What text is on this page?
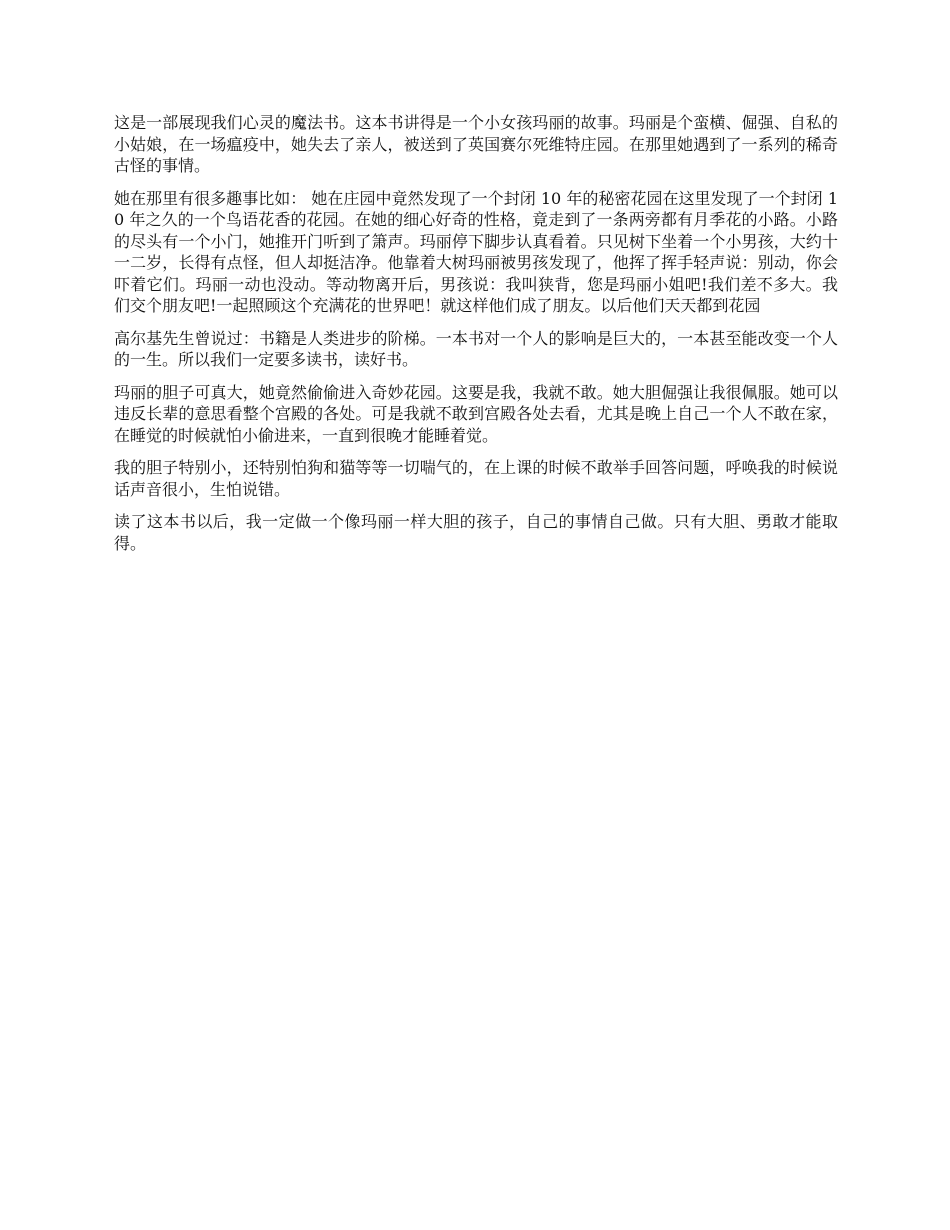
这是一部展现我们心灵的魔法书。这本书讲得是一个小女孩玛丽的故事。玛丽是个蛮横、倔强、自私的小姑娘，在一场瘟疫中，她失去了亲人，被送到了英国赛尔死维特庄园。在那里她遇到了一系列的稀奇古怪的事情。

她在那里有很多趣事比如： 她在庄园中竟然发现了一个封闭 10 年的秘密花园在这里发现了一个封闭 10 年之久的一个鸟语花香的花园。在她的细心好奇的性格，竟走到了一条两旁都有月季花的小路。小路的尽头有一个小门，她推开门听到了箫声。玛丽停下脚步认真看着。只见树下坐着一个小男孩，大约十一二岁，长得有点怪，但人却挺洁净。他靠着大树玛丽被男孩发现了，他挥了挥手轻声说：别动，你会吓着它们。玛丽一动也没动。等动物离开后，男孩说：我叫狭背，您是玛丽小姐吧!我们差不多大。我们交个朋友吧!一起照顾这个充满花的世界吧！就这样他们成了朋友。以后他们天天都到花园

高尔基先生曾说过：书籍是人类进步的阶梯。一本书对一个人的影响是巨大的，一本甚至能改变一个人的一生。所以我们一定要多读书，读好书。

玛丽的胆子可真大，她竟然偷偷进入奇妙花园。这要是我，我就不敢。她大胆倔强让我很佩服。她可以违反长辈的意思看整个宫殿的各处。可是我就不敢到宫殿各处去看，尤其是晚上自己一个人不敢在家，在睡觉的时候就怕小偷进来，一直到很晚才能睡着觉。

我的胆子特别小，还特别怕狗和猫等等一切喘气的，在上课的时候不敢举手回答问题，呼唤我的时候说话声音很小，生怕说错。

读了这本书以后，我一定做一个像玛丽一样大胆的孩子，自己的事情自己做。只有大胆、勇敢才能取得。
